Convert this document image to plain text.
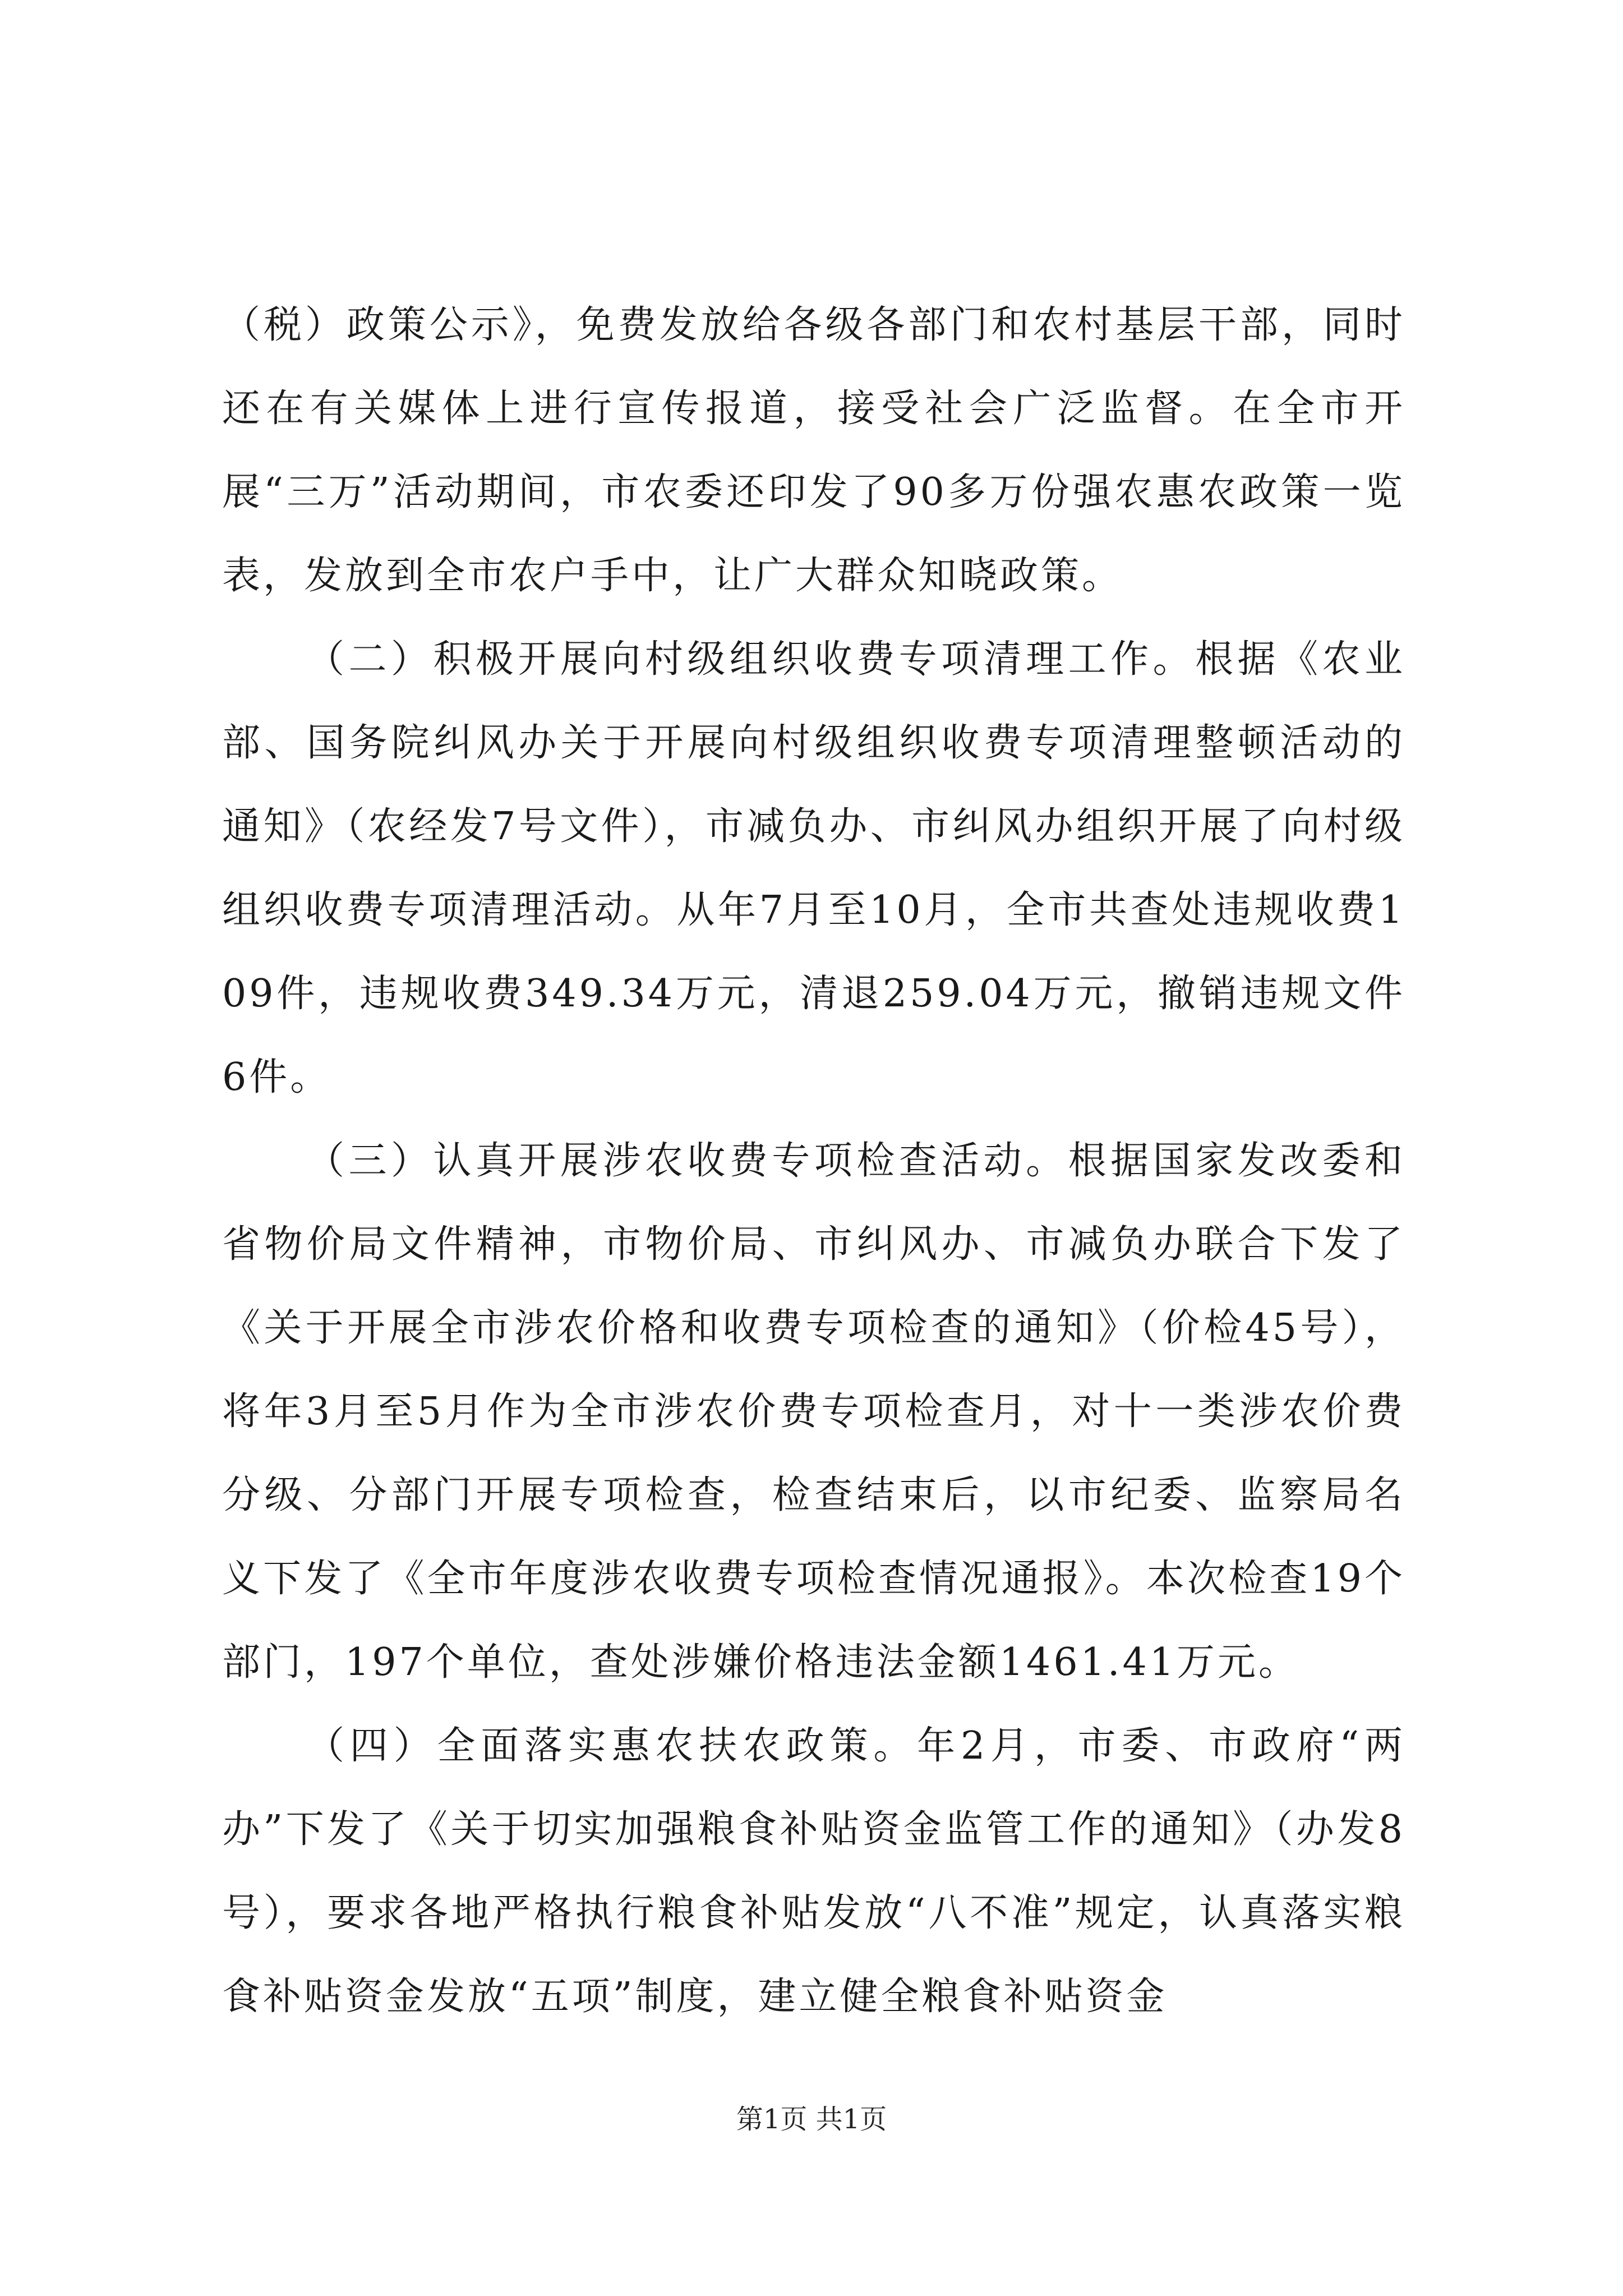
（税）政策公示》，免费发放给各级各部门和农村基层干部，同时还在有关媒体上进行宣传报道，接受社会广泛监督。在全市开展“三万”活动期间，市农委还印发了90多万份强农惠农政策一览表，发放到全市农户手中，让广大群众知晓政策。

（二）积极开展向村级组织收费专项清理工作。根据《农业部、国务院纠风办关于开展向村级组织收费专项清理整顿活动的通知》（农经发7号文件），市减负办、市纠风办组织开展了向村级组织收费专项清理活动。从年7月至10月，全市共查处违规收费109件，违规收费349.34万元，清退259.04万元，撤销违规文件6件。

（三）认真开展涉农收费专项检查活动。根据国家发改委和省物价局文件精神，市物价局、市纠风办、市减负办联合下发了《关于开展全市涉农价格和收费专项检查的通知》（价检45号），将年3月至5月作为全市涉农价费专项检查月，对十一类涉农价费分级、分部门开展专项检查，检查结束后，以市纪委、监察局名义下发了《全市年度涉农收费专项检查情况通报》。本次检查19个部门，197个单位，查处涉嫌价格违法金额1461.41万元。

（四）全面落实惠农扶农政策。年2月，市委、市政府“两办”下发了《关于切实加强粮食补贴资金监管工作的通知》（办发8号），要求各地严格执行粮食补贴发放“八不准”规定，认真落实粮食补贴资金发放“五项”制度，建立健全粮食补贴资金

第1页 共1页
